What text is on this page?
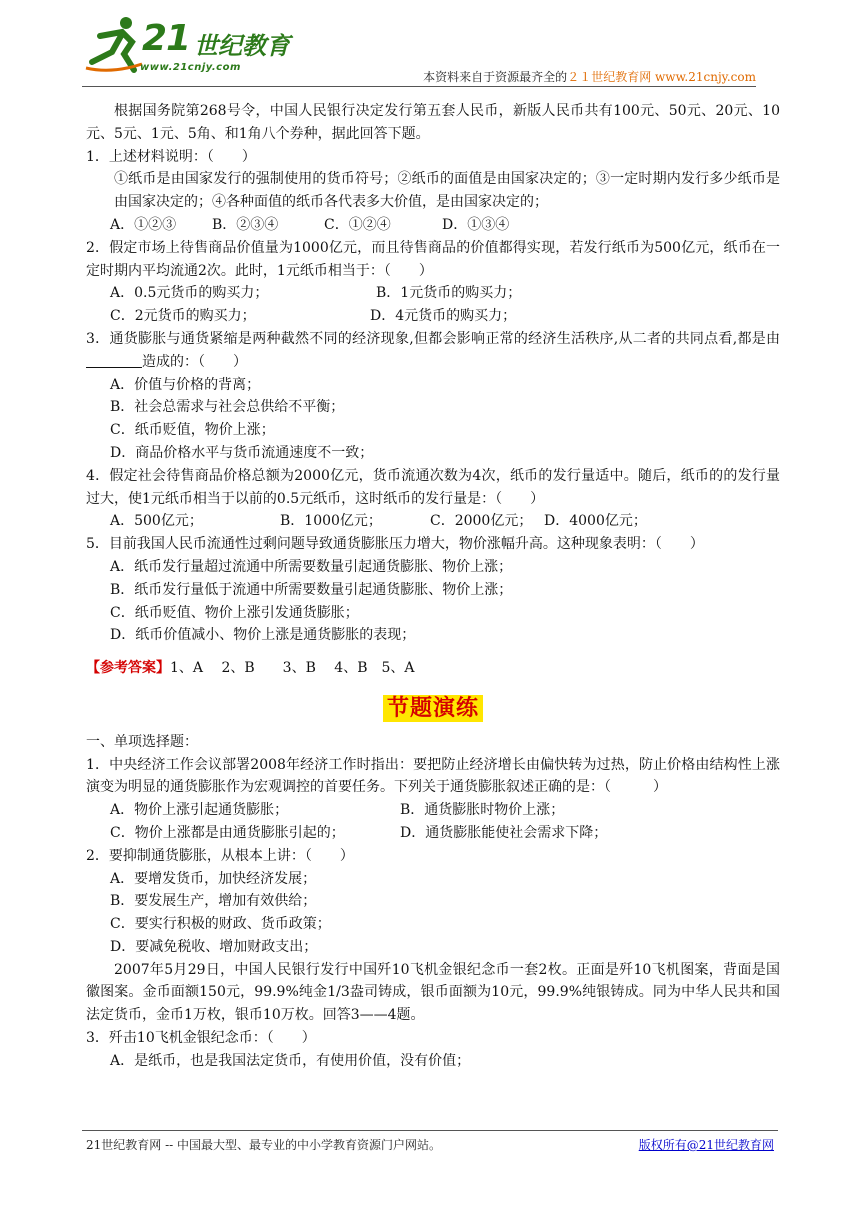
21 世纪教育
www.21cnjy.com
本资料来自于资源最齐全的２１世纪教育网 www.21cnjy.com

根据国务院第268号令，中国人民银行决定发行第五套人民币，新版人民币共有100元、50元、20元、10元、5元、1元、5角、和1角八个券种，据此回答下题。

1．上述材料说明：（　　）

①纸币是由国家发行的强制使用的货币符号；②纸币的面值是由国家决定的；③一定时期内发行多少纸币是由国家决定的；④各种面值的纸币各代表多大价值，是由国家决定的；

A．①②③	B．②③④	C．①②④	D．①③④

2．假定市场上待售商品价值量为1000亿元，而且待售商品的价值都得实现，若发行纸币为500亿元，纸币在一定时期内平均流通2次。此时，1元纸币相当于：（　　）

A．0.5元货币的购买力；	B．1元货币的购买力；
C．2元货币的购买力；	D．4元货币的购买力；

3．通货膨胀与通货紧缩是两种截然不同的经济现象,但都会影响正常的经济生活秩序,从二者的共同点看,都是由造成的：（　　）

A．价值与价格的背离；

B．社会总需求与社会总供给不平衡；

C．纸币贬值，物价上涨；

D．商品价格水平与货币流通速度不一致；

4．假定社会待售商品价格总额为2000亿元，货币流通次数为4次，纸币的发行量适中。随后，纸币的的发行量过大，使1元纸币相当于以前的0.5元纸币，这时纸币的发行量是：（　　）

A．500亿元；	B．1000亿元；	C．2000亿元； D．4000亿元；

5．目前我国人民币流通性过剩问题导致通货膨胀压力增大，物价涨幅升高。这种现象表明：（　　）

A．纸币发行量超过流通中所需要数量引起通货膨胀、物价上涨；

B．纸币发行量低于流通中所需要数量引起通货膨胀、物价上涨；

C．纸币贬值、物价上涨引发通货膨胀；

D．纸币价值减小、物价上涨是通货膨胀的表现；

【参考答案】1、A　 2、B　　3、B　 4、B　5、A

节题演练

一、单项选择题：

1．中央经济工作会议部署2008年经济工作时指出：要把防止经济增长由偏快转为过热，防止价格由结构性上涨演变为明显的通货膨胀作为宏观调控的首要任务。下列关于通货膨胀叙述正确的是：（　　　）

A．物价上涨引起通货膨胀；	B．通货膨胀时物价上涨；
C．物价上涨都是由通货膨胀引起的；	D．通货膨胀能使社会需求下降；

2．要抑制通货膨胀，从根本上讲：（　　）

A．要增发货币，加快经济发展；

B．要发展生产，增加有效供给；

C．要实行积极的财政、货币政策；

D．要减免税收、增加财政支出；

2007年5月29日，中国人民银行发行中国歼10飞机金银纪念币一套2枚。正面是歼10飞机图案，背面是国徽图案。金币面额150元，99.9%纯金1/3盎司铸成，银币面额为10元，99.9%纯银铸成。同为中华人民共和国法定货币，金币1万枚，银币10万枚。回答3——4题。

3．歼击10飞机金银纪念币：（　　）

A．是纸币，也是我国法定货币，有使用价值，没有价值；

21世纪教育网 -- 中国最大型、最专业的中小学教育资源门户网站。	版权所有@21世纪教育网
